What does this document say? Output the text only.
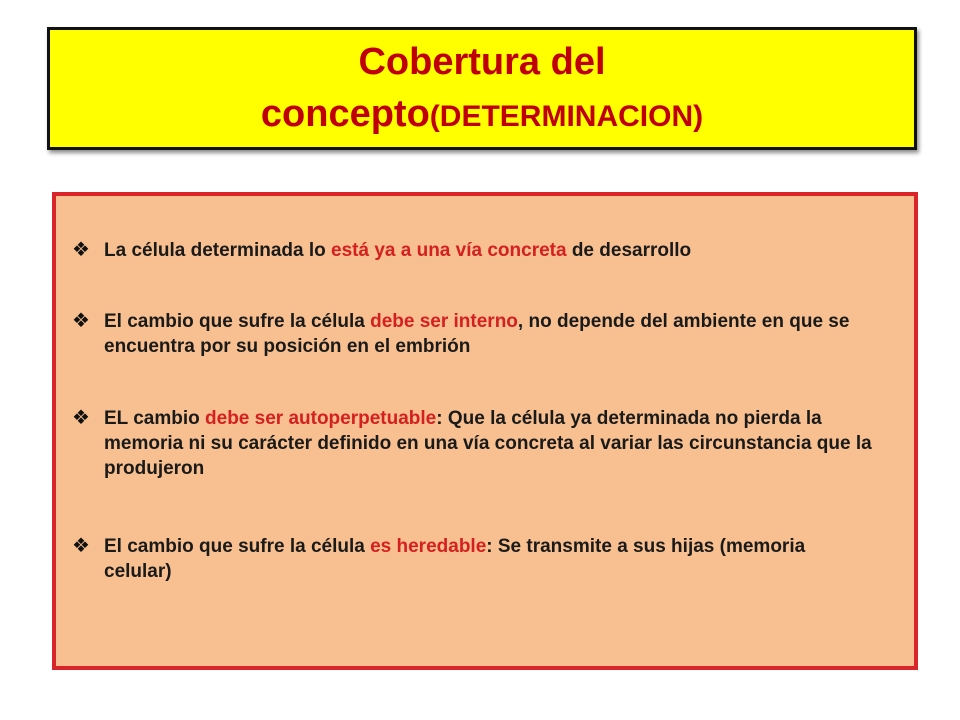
Cobertura del
concepto(DETERMINACION)
❖ La célula determinada lo está ya a una vía concreta de desarrollo
❖ El cambio que sufre la célula debe ser interno, no depende del ambiente en que se encuentra por su posición en el embrión
❖ EL cambio debe ser autoperpetuable: Que la célula ya determinada no pierda la memoria ni su carácter definido en una vía concreta al variar las circunstancia que la produjeron
❖ El cambio que sufre la célula es heredable: Se transmite a sus hijas (memoria celular)
